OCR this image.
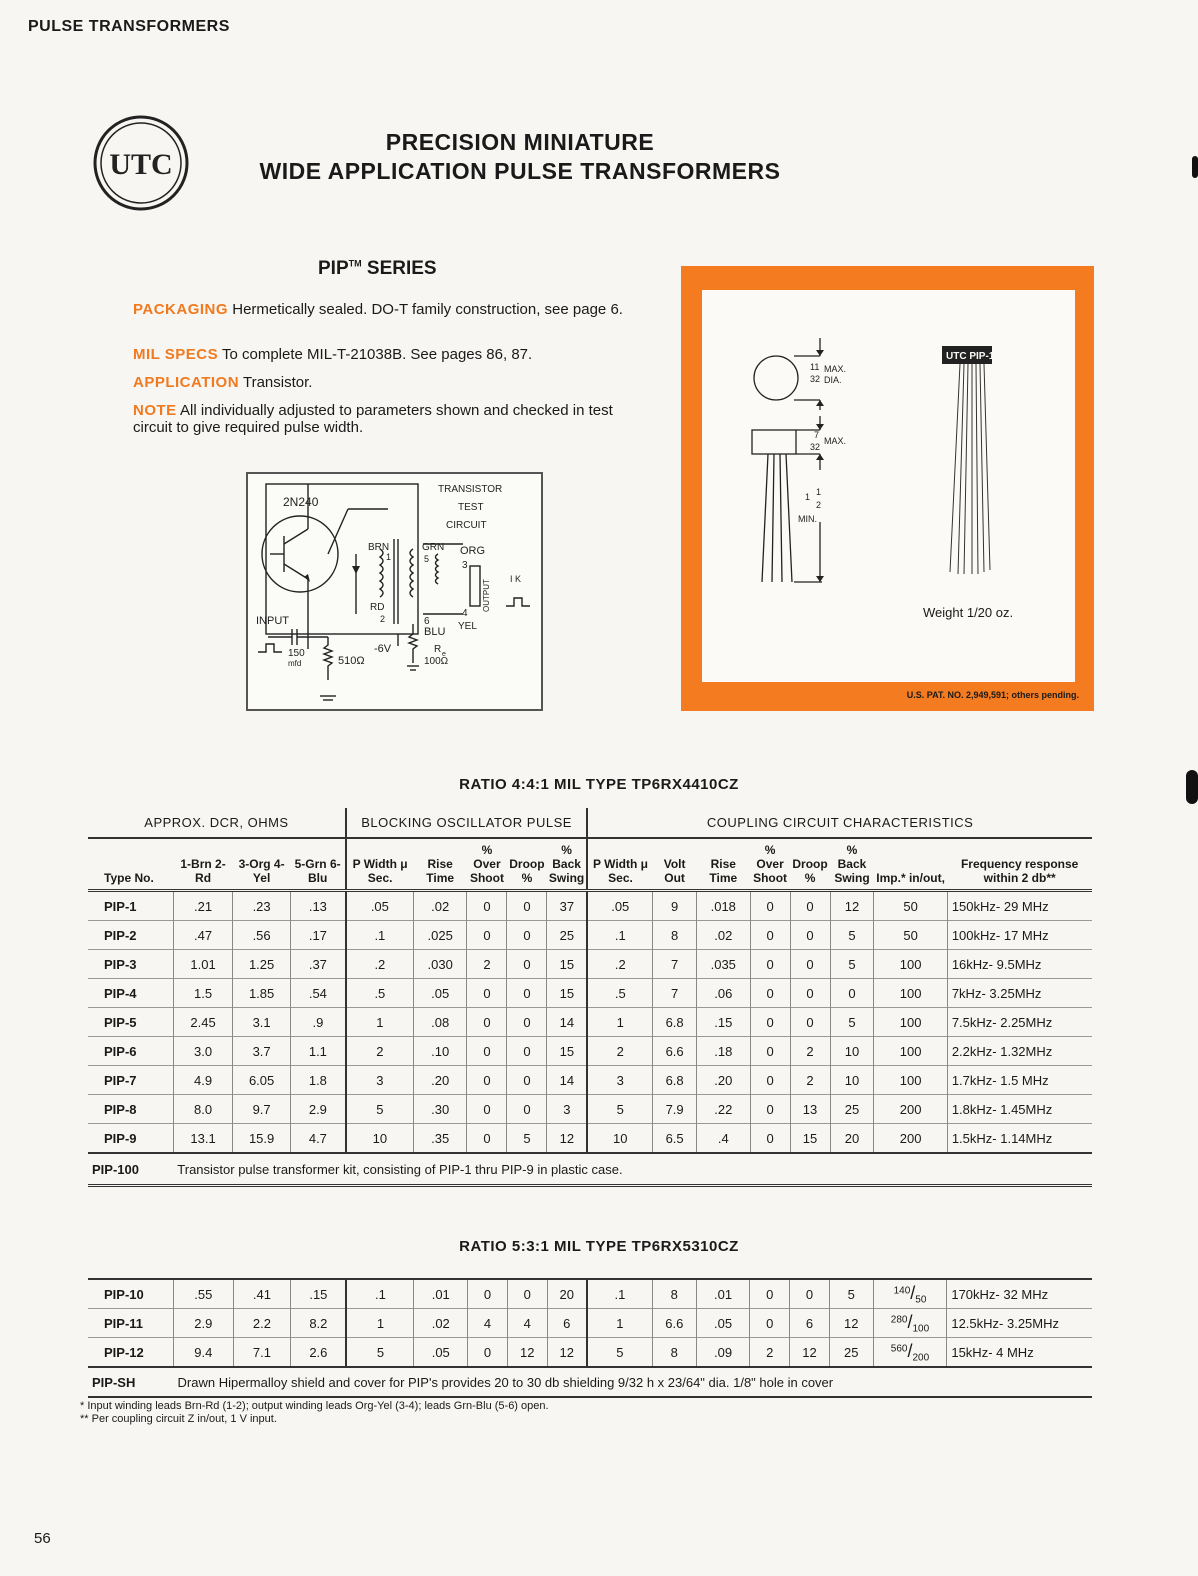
PULSE TRANSFORMERS
UTC
PRECISION MINIATURE
WIDE APPLICATION PULSE TRANSFORMERS
PIP™ SERIES
PACKAGING Hermetically sealed. DO-T family construction, see page 6.
MIL SPECS To complete MIL-T-21038B. See pages 86, 87.
APPLICATION Transistor.
NOTE All individually adjusted to parameters shown and checked in test circuit to give required pulse width.
TRANSISTOR
TEST
CIRCUIT
2N240
BRN
1
RD
2
GRN
5
ORG
3
4
6
BLU YEL
OUTPUT
I K
INPUT
150
mfd	510Ω
-6V	R e
100Ω
11
32
MAX.
DIA.
7
32
MAX.
1 1
2
MIN.
UTC PIP-1
Weight 1/20 oz.
U.S. PAT. NO. 2,949,591; others pending.
RATIO 4:4:1 MIL TYPE TP6RX4410CZ
APPROX. DCR, OHMS				BLOCKING OSCILLATOR PULSE					COUPLING CIRCUIT CHARACTERISTICS							
Type No.	1-Brn 2-Rd	3-Org 4-Yel	5-Grn 6-Blu	P Width μ Sec.	Rise Time	% Over Shoot	Droop %	% Back Swing	P Width μ Sec.	Volt Out	Rise Time	% Over Shoot	Droop %	% Back Swing	Imp.* in/out,	Frequency response within 2 db**
PIP-1	.21	.23	.13	.05	.02	0	0	37	.05	9	.018	0	0	12	50	150kHz- 29 MHz
PIP-2	.47	.56	.17	.1	.025	0	0	25	.1	8	.02	0	0	5	50	100kHz- 17 MHz
PIP-3	1.01	1.25	.37	.2	.030	2	0	15	.2	7	.035	0	0	5	100	16kHz- 9.5MHz
PIP-4	1.5	1.85	.54	.5	.05	0	0	15	.5	7	.06	0	0	0	100	7kHz- 3.25MHz
PIP-5	2.45	3.1	.9	1	.08	0	0	14	1	6.8	.15	0	0	5	100	7.5kHz- 2.25MHz
PIP-6	3.0	3.7	1.1	2	.10	0	0	15	2	6.6	.18	0	2	10	100	2.2kHz- 1.32MHz
PIP-7	4.9	6.05	1.8	3	.20	0	0	14	3	6.8	.20	0	2	10	100	1.7kHz- 1.5 MHz
PIP-8	8.0	9.7	2.9	5	.30	0	0	3	5	7.9	.22	0	13	25	200	1.8kHz- 1.45MHz
PIP-9	13.1	15.9	4.7	10	.35	0	5	12	10	6.5	.4	0	15	20	200	1.5kHz- 1.14MHz
PIP-100	Transistor pulse transformer kit, consisting of PIP-1 thru PIP-9 in plastic case.															
RATIO 5:3:1 MIL TYPE TP6RX5310CZ
PIP-10	.55	.41	.15	.1	.01	0	0	20	.1	8	.01	0	0	5	$^{140}/_{50}$	170kHz- 32 MHz
PIP-11	2.9	2.2	8.2	1	.02	4	4	6	1	6.6	.05	0	6	12	$^{280}/_{100}$	12.5kHz- 3.25MHz
PIP-12	9.4	7.1	2.6	5	.05	0	12	12	5	8	.09	2	12	25	$^{560}/_{200}$	15kHz- 4 MHz
PIP-SH	Drawn Hipermalloy shield and cover for PIP's provides 20 to 30 db shielding 9/32 h x 23/64" dia. 1/8" hole in cover															
* Input winding leads Brn-Rd (1-2); output winding leads Org-Yel (3-4); leads Grn-Blu (5-6) open.
** Per coupling circuit Z in/out, 1 V input.
56
